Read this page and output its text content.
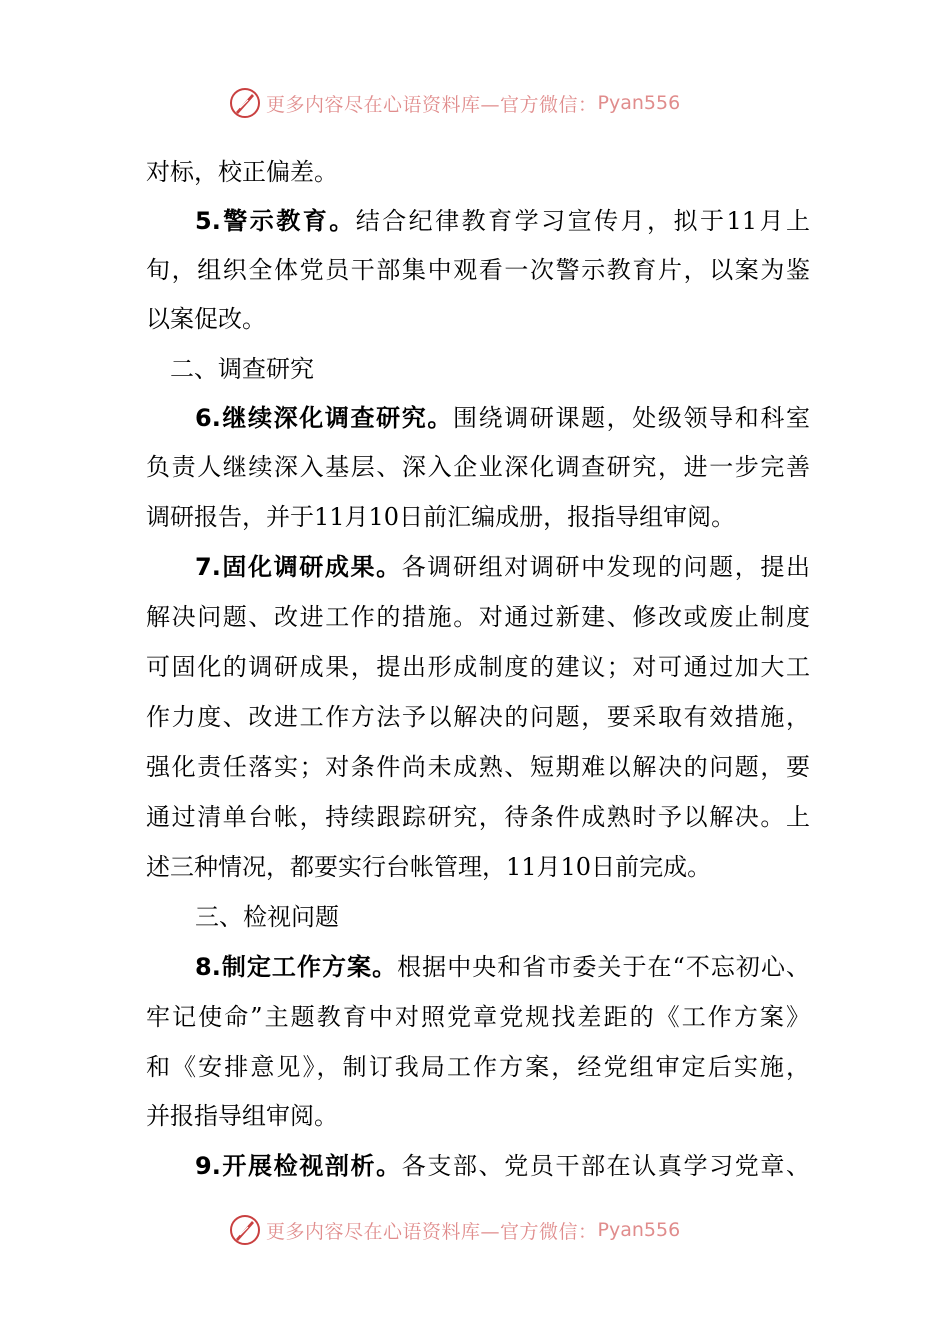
更多内容尽在心语资料库—官方微信： Pyan556
对标，校正偏差。
5.警示教育。结合纪律教育学习宣传月，拟于11月上
旬，组织全体党员干部集中观看一次警示教育片，以案为鉴
以案促改。
二、调查研究
6.继续深化调查研究。围绕调研课题，处级领导和科室
负责人继续深入基层、深入企业深化调查研究，进一步完善
调研报告，并于11月10日前汇编成册，报指导组审阅。
7.固化调研成果。各调研组对调研中发现的问题，提出
解决问题、改进工作的措施。对通过新建、修改或废止制度
可固化的调研成果，提出形成制度的建议；对可通过加大工
作力度、改进工作方法予以解决的问题，要采取有效措施，
强化责任落实；对条件尚未成熟、短期难以解决的问题，要
通过清单台帐，持续跟踪研究，待条件成熟时予以解决。上
述三种情况，都要实行台帐管理，11月10日前完成。
三、检视问题
8.制定工作方案。根据中央和省市委关于在“不忘初心、
牢记使命”主题教育中对照党章党规找差距的《工作方案》
和《安排意见》，制订我局工作方案，经党组审定后实施，
并报指导组审阅。
9.开展检视剖析。各支部、党员干部在认真学习党章、
更多内容尽在心语资料库—官方微信： Pyan556
